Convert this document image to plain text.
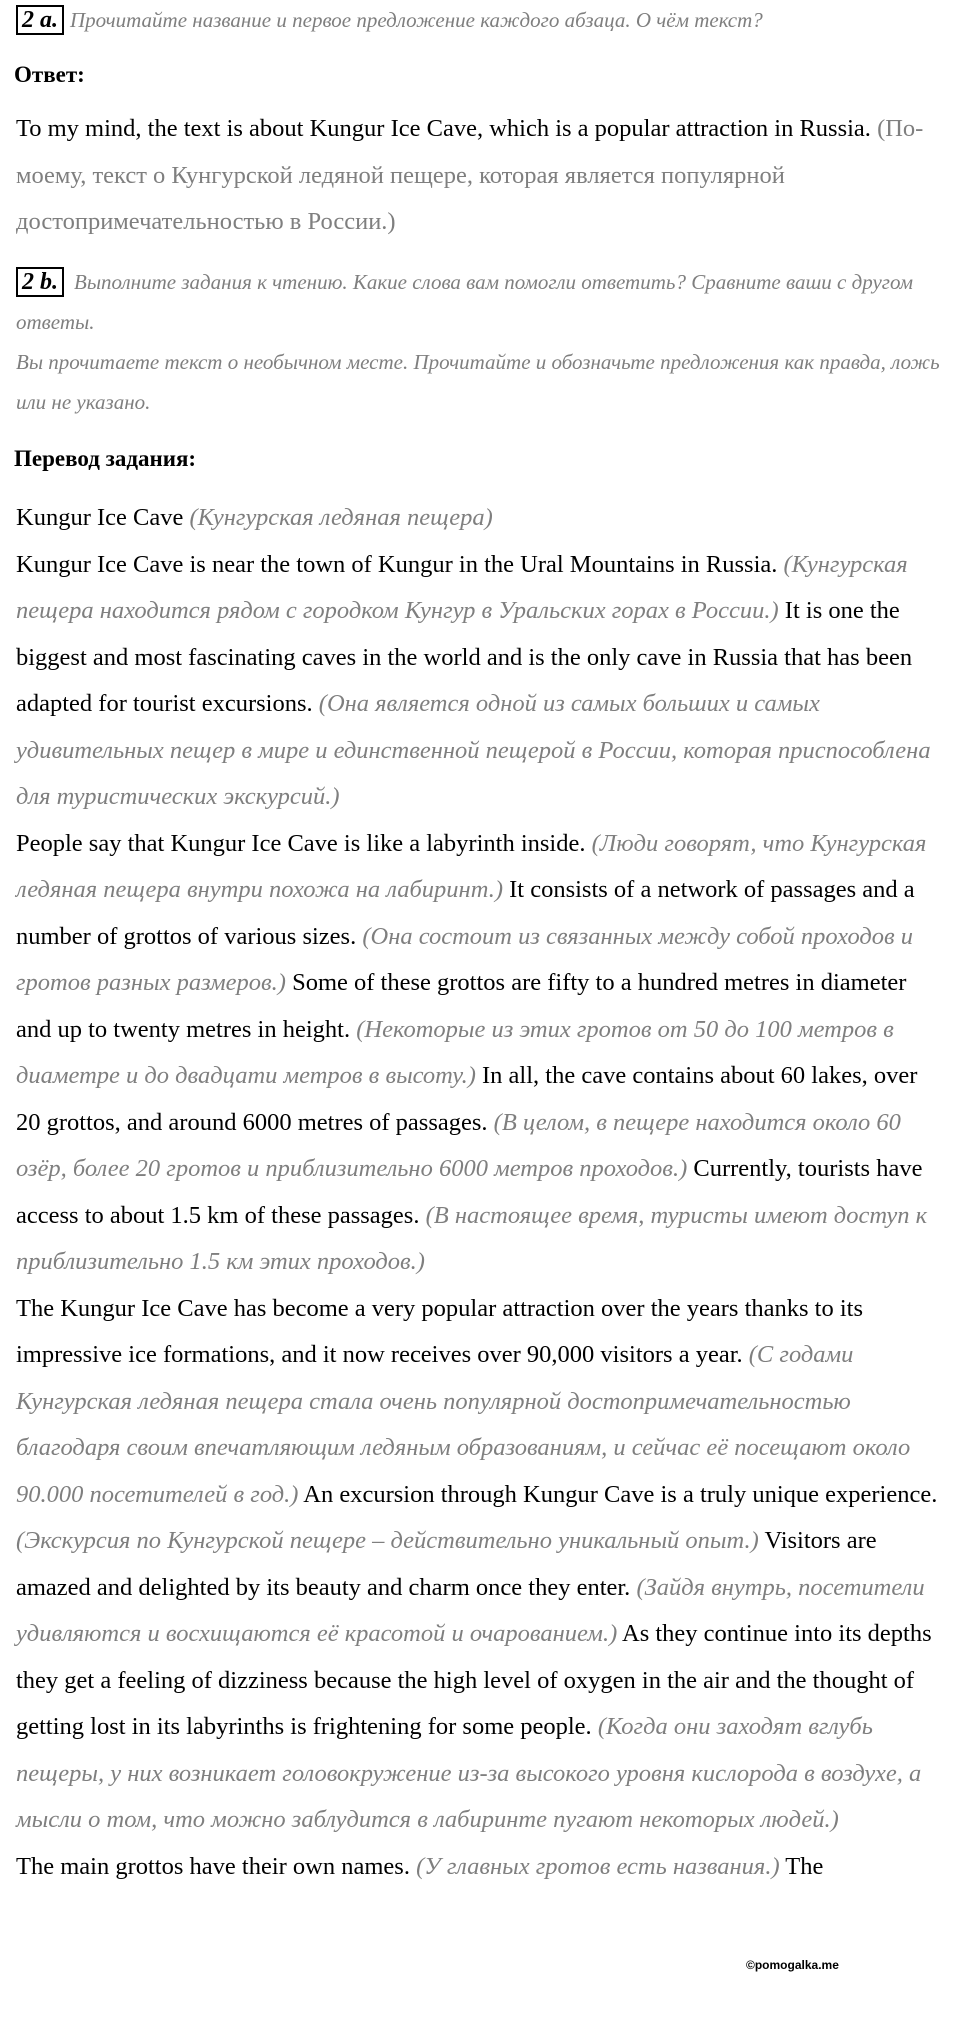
2 a. Прочитайте название и первое предложение каждого абзаца. О чём текст?
Ответ:
To my mind, the text is about Kungur Ice Cave, which is a popular attraction in Russia. (По-моему, текст о Кунгурской ледяной пещере, которая является популярной достопримечательностью в России.)
2 b. Выполните задания к чтению. Какие слова вам помогли ответить? Сравните ваши с другом ответы.
Вы прочитаете текст о необычном месте. Прочитайте и обозначьте предложения как правда, ложь или не указано.
Перевод задания:
Kungur Ice Cave (Кунгурская ледяная пещера)
Kungur Ice Cave is near the town of Kungur in the Ural Mountains in Russia. (Кунгурская пещера находится рядом с городком Кунгур в Уральских горах в России.) It is one the biggest and most fascinating caves in the world and is the only cave in Russia that has been adapted for tourist excursions. (Она является одной из самых больших и самых удивительных пещер в мире и единственной пещерой в России, которая приспособлена для туристических экскурсий.)
People say that Kungur Ice Cave is like a labyrinth inside. (Люди говорят, что Кунгурская ледяная пещера внутри похожа на лабиринт.) It consists of a network of passages and a number of grottos of various sizes. (Она состоит из связанных между собой проходов и гротов разных размеров.) Some of these grottos are fifty to a hundred metres in diameter and up to twenty metres in height. (Некоторые из этих гротов от 50 до 100 метров в диаметре и до двадцати метров в высоту.) In all, the cave contains about 60 lakes, over 20 grottos, and around 6000 metres of passages. (В целом, в пещере находится около 60 озёр, более 20 гротов и приблизительно 6000 метров проходов.) Currently, tourists have access to about 1.5 km of these passages. (В настоящее время, туристы имеют доступ к приблизительно 1.5 км этих проходов.)
The Kungur Ice Cave has become a very popular attraction over the years thanks to its impressive ice formations, and it now receives over 90,000 visitors a year. (С годами Кунгурская ледяная пещера стала очень популярной достопримечательностью благодаря своим впечатляющим ледяным образованиям, и сейчас её посещают около 90.000 посетителей в год.) An excursion through Kungur Cave is a truly unique experience. (Экскурсия по Кунгурской пещере – действительно уникальный опыт.) Visitors are amazed and delighted by its beauty and charm once they enter. (Зайдя внутрь, посетители удивляются и восхищаются её красотой и очарованием.) As they continue into its depths they get a feeling of dizziness because the high level of oxygen in the air and the thought of getting lost in its labyrinths is frightening for some people. (Когда они заходят вглубь пещеры, у них возникает головокружение из-за высокого уровня кислорода в воздухе, а мысли о том, что можно заблудится в лабиринте пугают некоторых людей.)
The main grottos have their own names. (У главных гротов есть названия.) The
©pomogalka.me
